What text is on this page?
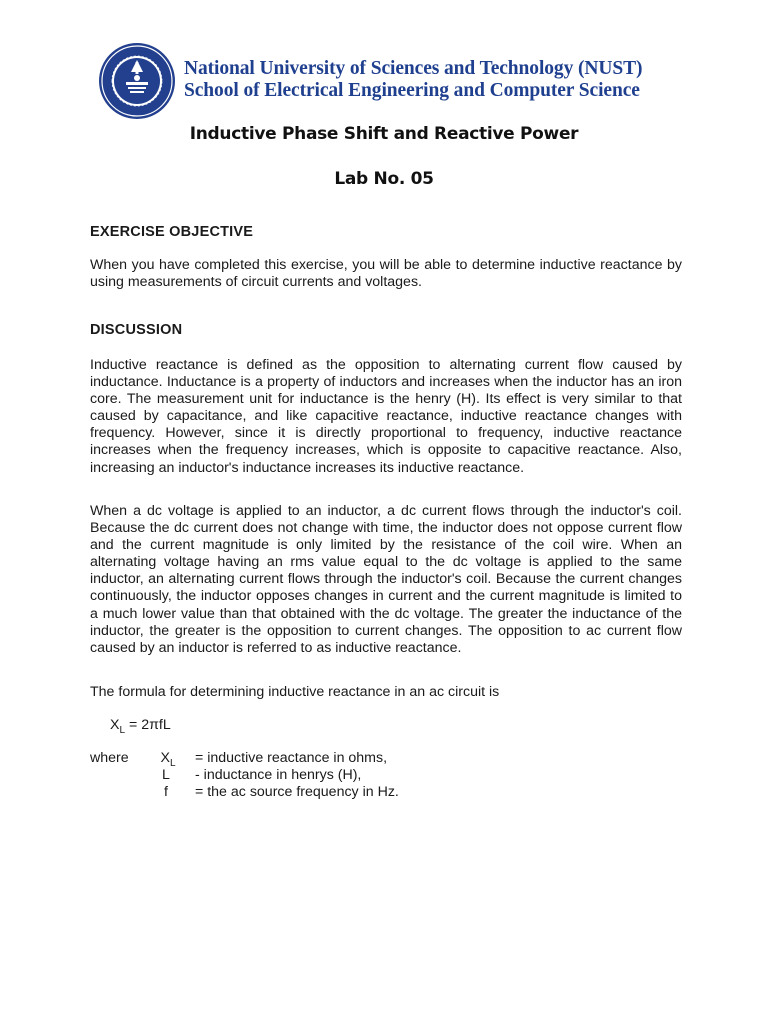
National University of Sciences and Technology (NUST)
School of Electrical Engineering and Computer Science
Inductive Phase Shift and Reactive Power
Lab No. 05
EXERCISE OBJECTIVE

When you have completed this exercise, you will be able to determine inductive reactance by using measurements of circuit currents and voltages.

DISCUSSION

Inductive reactance is defined as the opposition to alternating current flow caused by inductance. Inductance is a property of inductors and increases when the inductor has an iron core. The measurement unit for inductance is the henry (H). Its effect is very similar to that caused by capacitance, and like capacitive reactance, inductive reactance changes with frequency. However, since it is directly proportional to frequency, inductive reactance increases when the frequency increases, which is opposite to capacitive reactance. Also, increasing an inductor's inductance increases its inductive reactance.

When a dc voltage is applied to an inductor, a dc current flows through the inductor's coil. Because the dc current does not change with time, the inductor does not oppose current flow and the current magnitude is only limited by the resistance of the coil wire. When an alternating voltage having an rms value equal to the dc voltage is applied to the same inductor, an alternating current flows through the inductor's coil. Because the current changes continuously, the inductor opposes changes in current and the current magnitude is limited to a much lower value than that obtained with the dc voltage. The greater the inductance of the inductor, the greater is the opposition to current changes. The opposition to ac current flow caused by an inductor is referred to as inductive reactance.

The formula for determining inductive reactance in an ac circuit is

$X_L = 2\pi fL$
where $X_L$ = inductive reactance in ohms,
L	- inductance in henrys (H),
f	= the ac source frequency in Hz.
